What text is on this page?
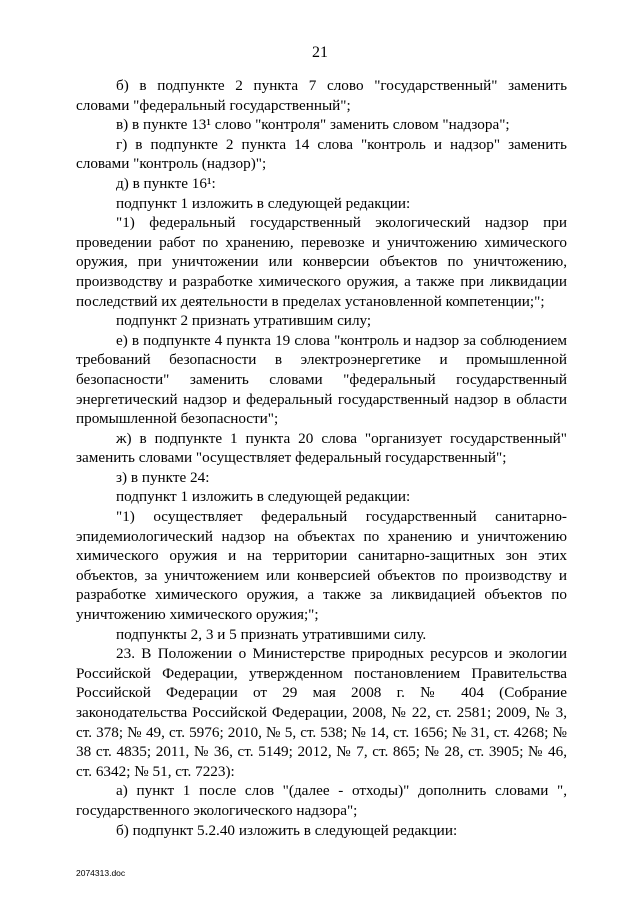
21

б) в подпункте 2 пункта 7 слово "государственный" заменить словами "федеральный государственный";

в) в пункте 13¹ слово "контроля" заменить словом "надзора";

г) в подпункте 2 пункта 14 слова "контроль и надзор" заменить словами "контроль (надзор)";

д) в пункте 16¹:

подпункт 1 изложить в следующей редакции:

"1) федеральный государственный экологический надзор при проведении работ по хранению, перевозке и уничтожению химического оружия, при уничтожении или конверсии объектов по уничтожению, производству и разработке химического оружия, а также при ликвидации последствий их деятельности в пределах установленной компетенции;";

подпункт 2 признать утратившим силу;

е) в подпункте 4 пункта 19 слова "контроль и надзор за соблюдением требований безопасности в электроэнергетике и промышленной безопасности" заменить словами "федеральный государственный энергетический надзор и федеральный государственный надзор в области промышленной безопасности";

ж) в подпункте 1 пункта 20 слова "организует государственный" заменить словами "осуществляет федеральный государственный";

з) в пункте 24:

подпункт 1 изложить в следующей редакции:

"1) осуществляет федеральный государственный санитарно-эпидемиологический надзор на объектах по хранению и уничтожению химического оружия и на территории санитарно-защитных зон этих объектов, за уничтожением или конверсией объектов по производству и разработке химического оружия, а также за ликвидацией объектов по уничтожению химического оружия;";

подпункты 2, 3 и 5 признать утратившими силу.

23. В Положении о Министерстве природных ресурсов и экологии Российской Федерации, утвержденном постановлением Правительства Российской Федерации от 29 мая 2008 г. № 404 (Собрание законодательства Российской Федерации, 2008, № 22, ст. 2581; 2009, № 3, ст. 378; № 49, ст. 5976; 2010, № 5, ст. 538; № 14, ст. 1656; № 31, ст. 4268; № 38 ст. 4835; 2011, № 36, ст. 5149; 2012, № 7, ст. 865; № 28, ст. 3905; № 46, ст. 6342; № 51, ст. 7223):

а) пункт 1 после слов "(далее - отходы)" дополнить словами ", государственного экологического надзора";

б) подпункт 5.2.40 изложить в следующей редакции:

2074313.doc
